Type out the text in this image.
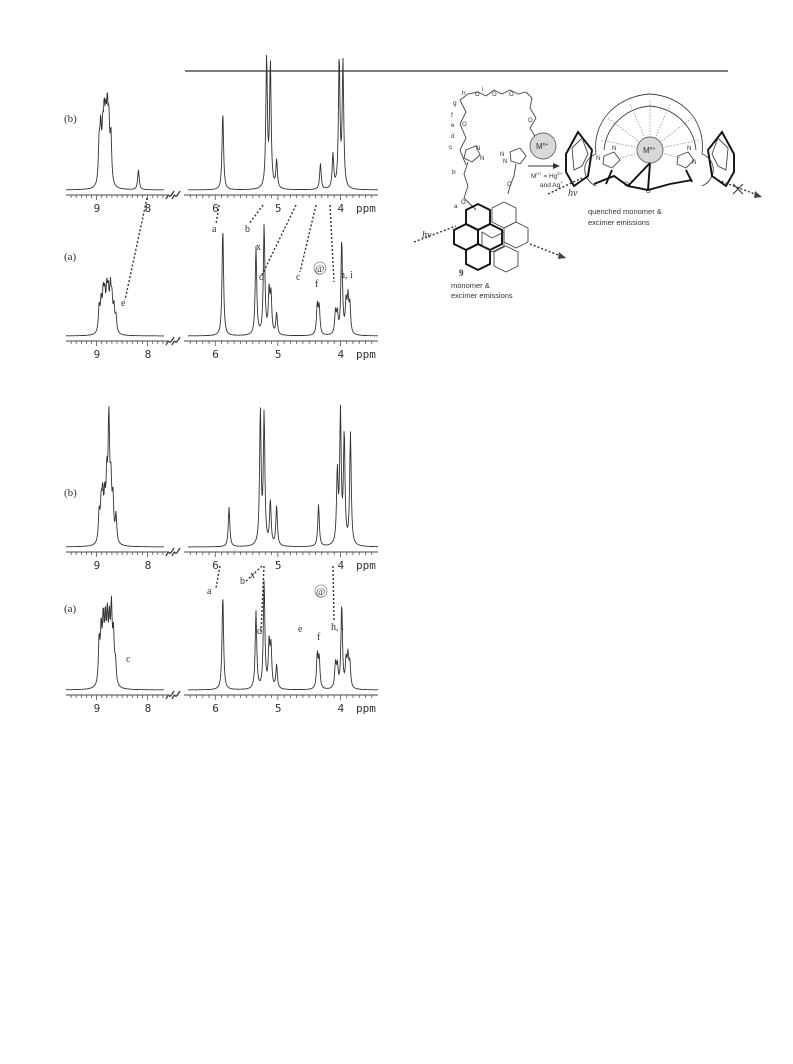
(b)
9	8	6	5	4 ppm
(a)
9	8	6	5	4 ppm
e
a	b
x
d	c
f
@
h, i
(b)
9	8	6	5	4 ppm
(a)
9	8	6	5	4 ppm
c
a
b
x
d	e
f
@
h, i
a
b
c
d
e
f
g
h
i
O
O O O
O
O
O
N
N
N
N
hν
9
monomer &
excimer emissions
$M^{n+}$
$M^{n+} = Hg^{2+}$
and Ag+
$M^{n+}$
N
N	N
N
O
O
hν
quenched monomer &
excimer emissions
